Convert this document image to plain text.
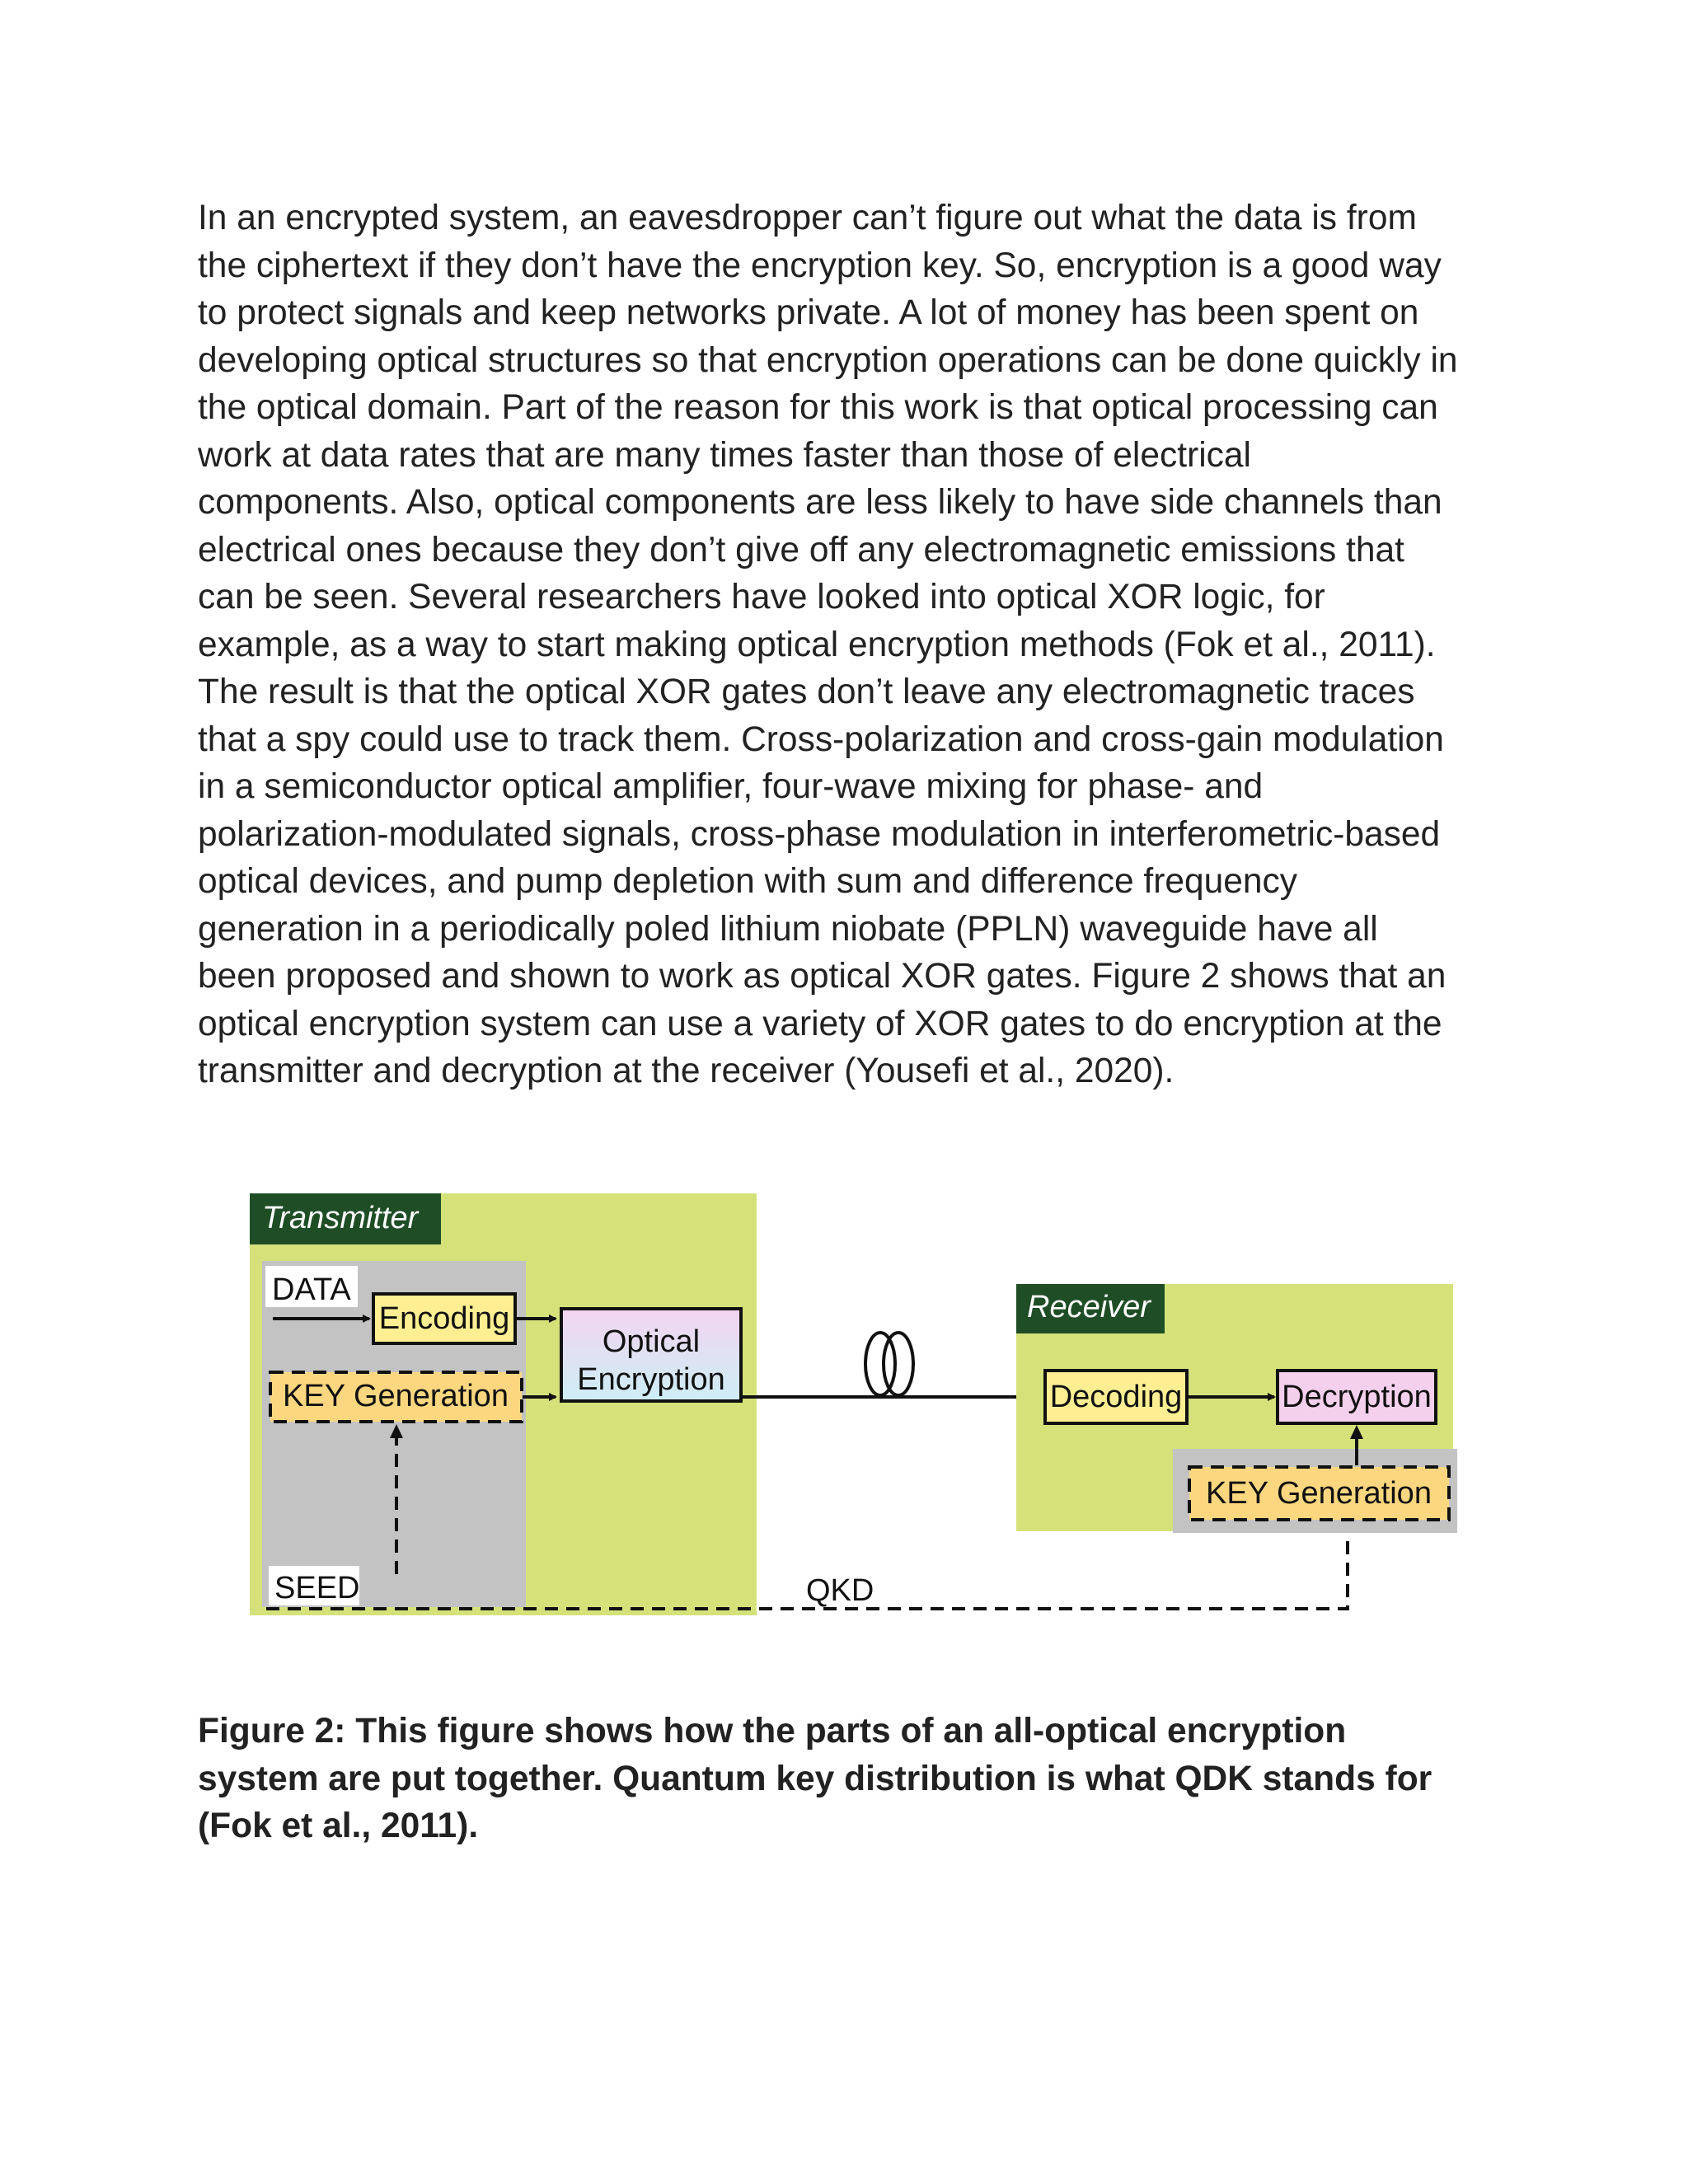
In an encrypted system, an eavesdropper can’t figure out what the data is from
the ciphertext if they don’t have the encryption key. So, encryption is a good way
to protect signals and keep networks private. A lot of money has been spent on
developing optical structures so that encryption operations can be done quickly in
the optical domain. Part of the reason for this work is that optical processing can
work at data rates that are many times faster than those of electrical
components. Also, optical components are less likely to have side channels than
electrical ones because they don’t give off any electromagnetic emissions that
can be seen. Several researchers have looked into optical XOR logic, for
example, as a way to start making optical encryption methods (Fok et al., 2011).
The result is that the optical XOR gates don’t leave any electromagnetic traces
that a spy could use to track them. Cross-polarization and cross-gain modulation
in a semiconductor optical amplifier, four-wave mixing for phase- and
polarization-modulated signals, cross-phase modulation in interferometric-based
optical devices, and pump depletion with sum and difference frequency
generation in a periodically poled lithium niobate (PPLN) waveguide have all
been proposed and shown to work as optical XOR gates. Figure 2 shows that an
optical encryption system can use a variety of XOR gates to do encryption at the
transmitter and decryption at the receiver (Yousefi et al., 2020).

Transmitter
DATA
Encoding
KEY Generation
Optical
Encryption
SEED	QKD
Receiver
Decoding	Decryption
KEY Generation

Figure 2: This figure shows how the parts of an all-optical encryption
system are put together. Quantum key distribution is what QDK stands for
(Fok et al., 2011).
